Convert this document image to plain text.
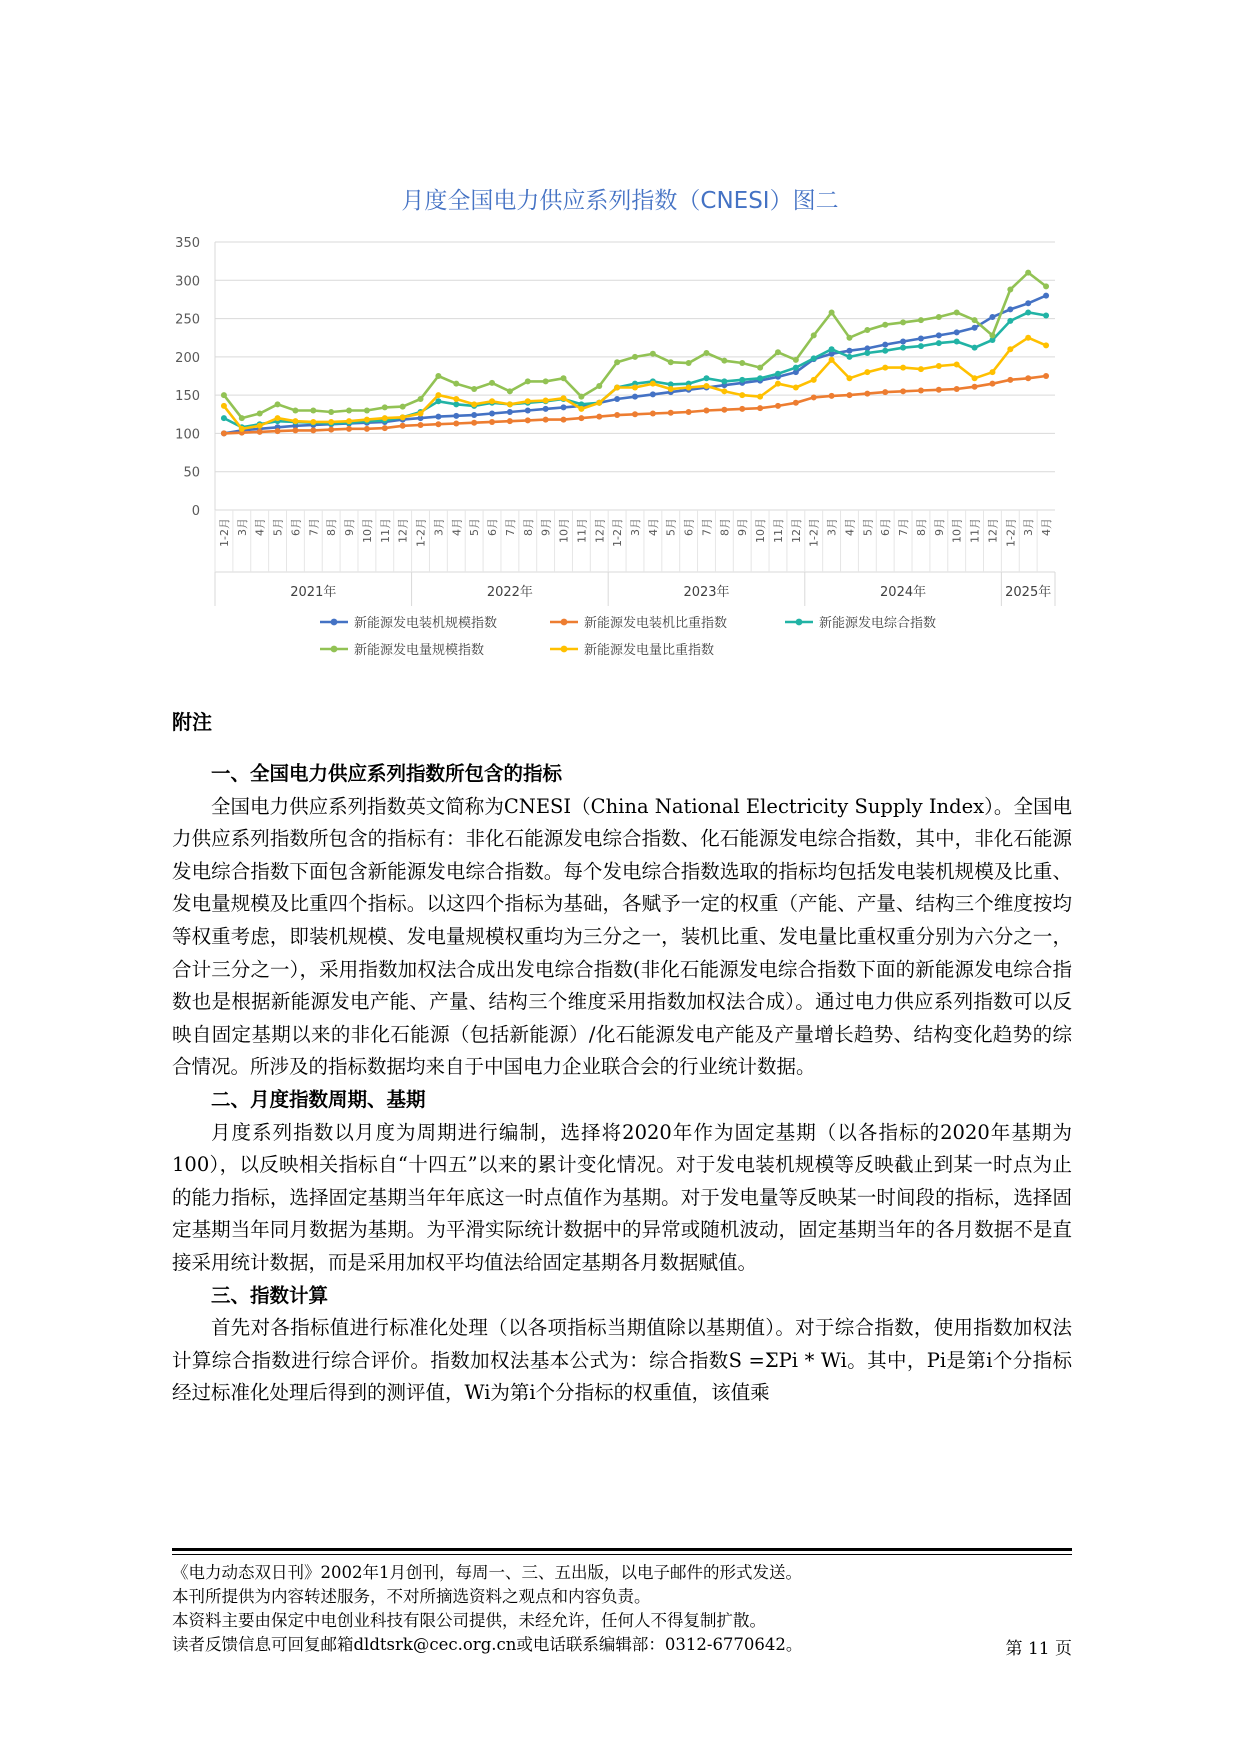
月度全国电力供应系列指数（CNESI）图二
0
50
100
150
200
250
300
350
1-2月 3月 4月 5月 6月 7月 8月 9月 10月 11月 12月 1-2月 3月 4月 5月 6月 7月 8月 9月 10月 11月 12月 1-2月 3月 4月 5月 6月 7月 8月 9月 10月 11月 12月 1-2月 3月 4月 5月 6月 7月 8月 9月 10月 11月 12月 1-2月 3月 4月
2021年	2022年	2023年	2024年	2025年
新能源发电装机规模指数	新能源发电装机比重指数	新能源发电综合指数
新能源发电量规模指数	新能源发电量比重指数
附注
一、全国电力供应系列指数所包含的指标

全国电力供应系列指数英文简称为CNESI（China National Electricity Supply Index）。全国电力供应系列指数所包含的指标有：非化石能源发电综合指数、化石能源发电综合指数，其中，非化石能源发电综合指数下面包含新能源发电综合指数。每个发电综合指数选取的指标均包括发电装机规模及比重、发电量规模及比重四个指标。以这四个指标为基础，各赋予一定的权重（产能、产量、结构三个维度按均等权重考虑，即装机规模、发电量规模权重均为三分之一，装机比重、发电量比重权重分别为六分之一，合计三分之一），采用指数加权法合成出发电综合指数(非化石能源发电综合指数下面的新能源发电综合指数也是根据新能源发电产能、产量、结构三个维度采用指数加权法合成）。通过电力供应系列指数可以反映自固定基期以来的非化石能源（包括新能源）/化石能源发电产能及产量增长趋势、结构变化趋势的综合情况。所涉及的指标数据均来自于中国电力企业联合会的行业统计数据。

二、月度指数周期、基期

月度系列指数以月度为周期进行编制，选择将2020年作为固定基期（以各指标的2020年基期为100），以反映相关指标自“十四五”以来的累计变化情况。对于发电装机规模等反映截止到某一时点为止的能力指标，选择固定基期当年年底这一时点值作为基期。对于发电量等反映某一时间段的指标，选择固定基期当年同月数据为基期。为平滑实际统计数据中的异常或随机波动，固定基期当年的各月数据不是直接采用统计数据，而是采用加权平均值法给固定基期各月数据赋值。

三、指数计算

首先对各指标值进行标准化处理（以各项指标当期值除以基期值）。对于综合指数，使用指数加权法计算综合指数进行综合评价。指数加权法基本公式为：综合指数S =ΣPi * Wi。其中，Pi是第i个分指标经过标准化处理后得到的测评值，Wi为第i个分指标的权重值，该值乘

《电力动态双日刊》2002年1月创刊，每周一、三、五出版，以电子邮件的形式发送。
本刊所提供为内容转述服务，不对所摘选资料之观点和内容负责。
本资料主要由保定中电创业科技有限公司提供，未经允许，任何人不得复制扩散。
读者反馈信息可回复邮箱dldtsrk@cec.org.cn或电话联系编辑部：0312-6770642。	第 11 页
